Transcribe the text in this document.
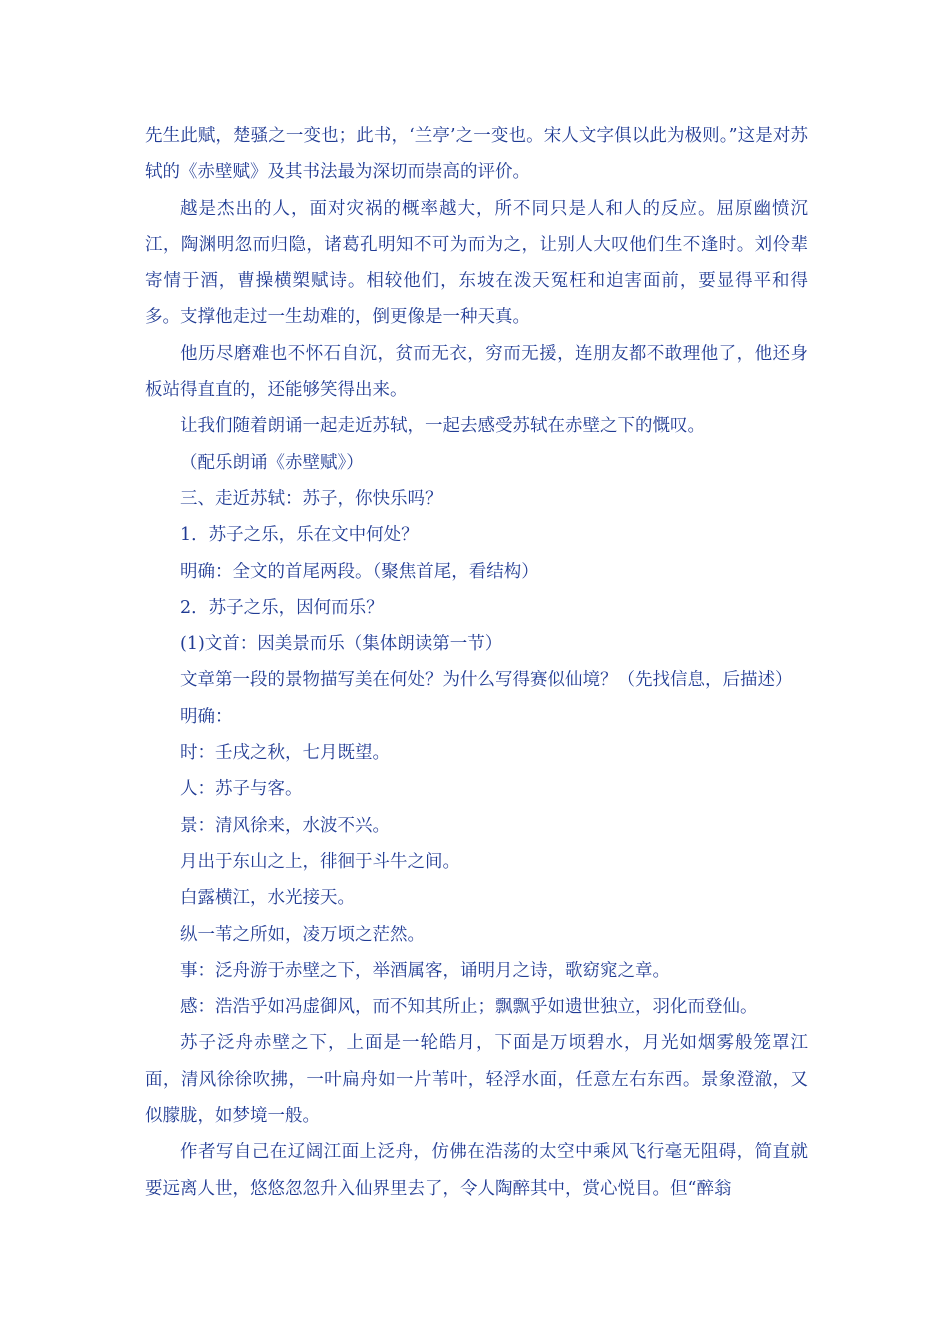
先生此赋，楚骚之一变也；此书，‘兰亭’之一变也。宋人文字俱以此为极则。”这是对苏轼的《赤壁赋》及其书法最为深切而崇高的评价。

越是杰出的人，面对灾祸的概率越大，所不同只是人和人的反应。屈原幽愤沉江，陶渊明忽而归隐，诸葛孔明知不可为而为之，让别人大叹他们生不逢时。刘伶辈寄情于酒，曹操横槊赋诗。相较他们，东坡在泼天冤枉和迫害面前，要显得平和得多。支撑他走过一生劫难的，倒更像是一种天真。

他历尽磨难也不怀石自沉，贫而无衣，穷而无援，连朋友都不敢理他了，他还身板站得直直的，还能够笑得出来。

让我们随着朗诵一起走近苏轼，一起去感受苏轼在赤壁之下的慨叹。

（配乐朗诵《赤壁赋》）

三、走近苏轼：苏子，你快乐吗？

1．苏子之乐，乐在文中何处？

明确：全文的首尾两段。（聚焦首尾，看结构）

2．苏子之乐，因何而乐？

(1)文首：因美景而乐（集体朗读第一节）

文章第一段的景物描写美在何处？为什么写得赛似仙境？（先找信息，后描述）

明确：

时：壬戌之秋，七月既望。

人：苏子与客。

景：清风徐来，水波不兴。

月出于东山之上，徘徊于斗牛之间。

白露横江，水光接天。

纵一苇之所如，凌万顷之茫然。

事：泛舟游于赤壁之下，举酒属客，诵明月之诗，歌窈窕之章。

感：浩浩乎如冯虚御风，而不知其所止；飘飘乎如遗世独立，羽化而登仙。

苏子泛舟赤壁之下，上面是一轮皓月，下面是万顷碧水，月光如烟雾般笼罩江面，清风徐徐吹拂，一叶扁舟如一片苇叶，轻浮水面，任意左右东西。景象澄澈，又似朦胧，如梦境一般。

作者写自己在辽阔江面上泛舟，仿佛在浩荡的太空中乘风飞行毫无阻碍，简直就要远离人世，悠悠忽忽升入仙界里去了，令人陶醉其中，赏心悦目。但“醉翁
